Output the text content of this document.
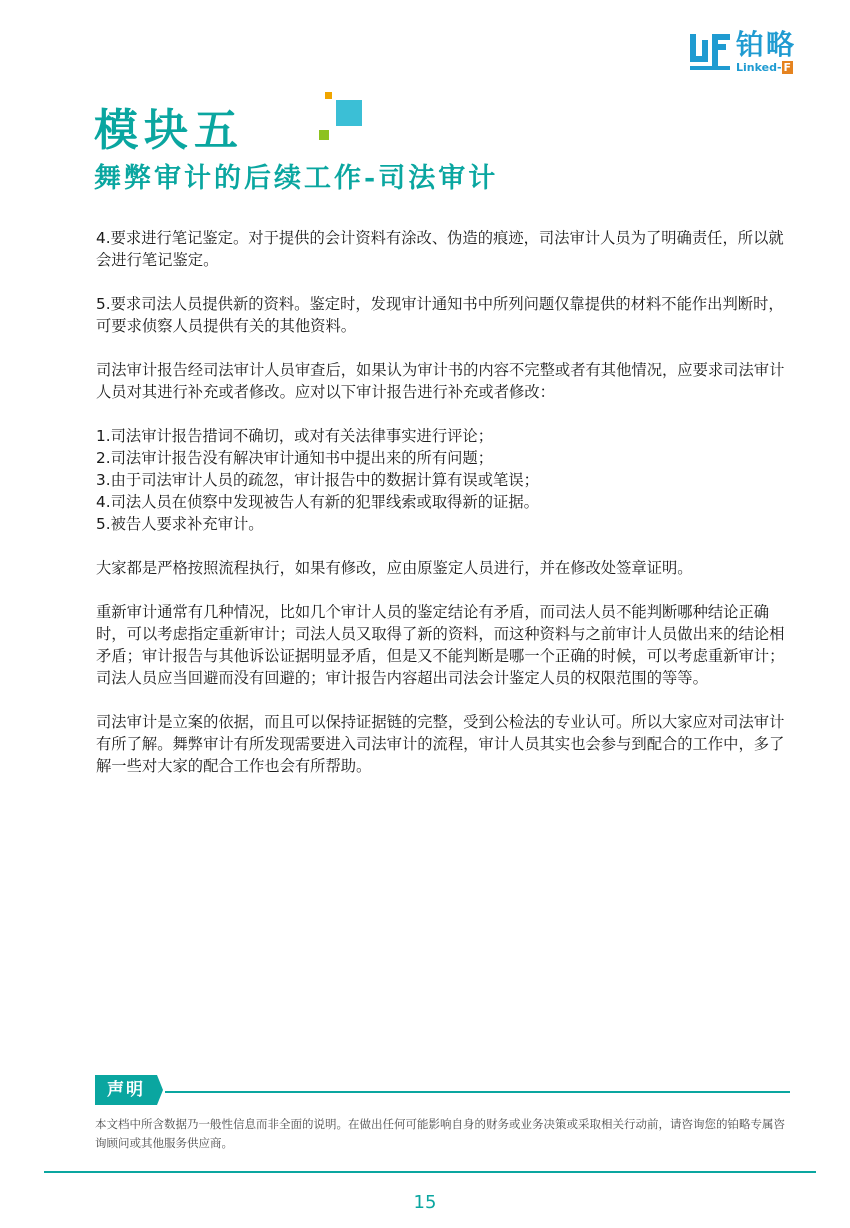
铂略
Linked- F
模块五
舞弊审计的后续工作-司法审计

4.要求进行笔记鉴定。对于提供的会计资料有涂改、伪造的痕迹，司法审计人员为了明确责任，所以就会进行笔记鉴定。

5.要求司法人员提供新的资料。鉴定时，发现审计通知书中所列问题仅靠提供的材料不能作出判断时，可要求侦察人员提供有关的其他资料。

司法审计报告经司法审计人员审查后，如果认为审计书的内容不完整或者有其他情况，应要求司法审计人员对其进行补充或者修改。应对以下审计报告进行补充或者修改：

1.司法审计报告措词不确切，或对有关法律事实进行评论；
2.司法审计报告没有解决审计通知书中提出来的所有问题；
3.由于司法审计人员的疏忽，审计报告中的数据计算有误或笔误；
4.司法人员在侦察中发现被告人有新的犯罪线索或取得新的证据。
5.被告人要求补充审计。

大家都是严格按照流程执行，如果有修改，应由原鉴定人员进行，并在修改处签章证明。

重新审计通常有几种情况，比如几个审计人员的鉴定结论有矛盾，而司法人员不能判断哪种结论正确时，可以考虑指定重新审计；司法人员又取得了新的资料，而这种资料与之前审计人员做出来的结论相矛盾；审计报告与其他诉讼证据明显矛盾，但是又不能判断是哪一个正确的时候，可以考虑重新审计；司法人员应当回避而没有回避的；审计报告内容超出司法会计鉴定人员的权限范围的等等。

司法审计是立案的依据，而且可以保持证据链的完整，受到公检法的专业认可。所以大家应对司法审计有所了解。舞弊审计有所发现需要进入司法审计的流程，审计人员其实也会参与到配合的工作中，多了解一些对大家的配合工作也会有所帮助。

声明
本文档中所含数据乃一般性信息而非全面的说明。在做出任何可能影响自身的财务或业务决策或采取相关行动前，请咨询您的铂略专属咨询顾问或其他服务供应商。
15
